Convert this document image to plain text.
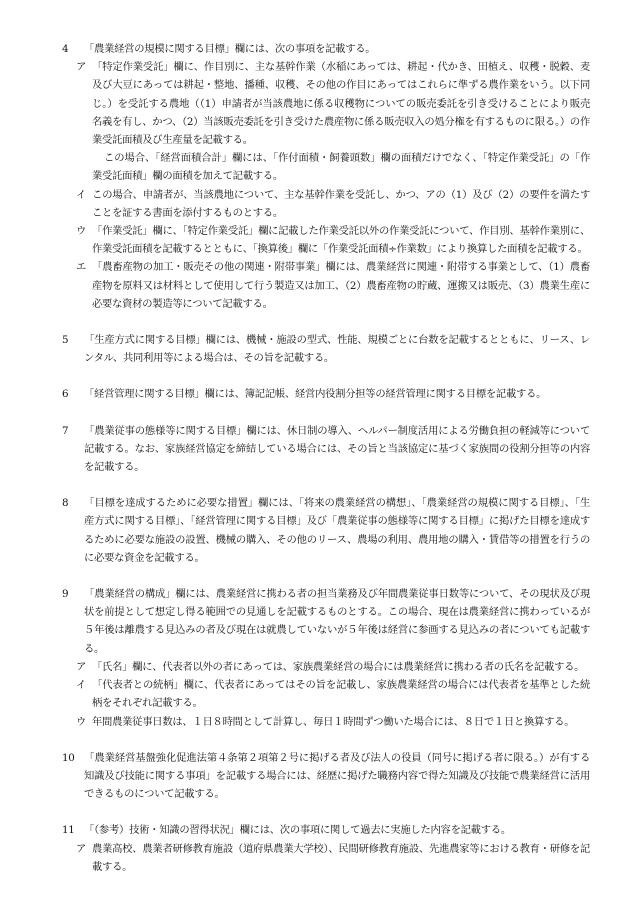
4 「農業経営の規模に関する目標」欄には、次の事項を記載する。

ア 「特定作業受託」欄に、作目別に、主な基幹作業（水稲にあっては、耕起・代かき、田植え、収穫・脱穀、麦及び大豆にあっては耕起・整地、播種、収穫、その他の作目にあってはこれらに準ずる農作業をいう。以下同じ。）を受託する農地（（1）申請者が当該農地に係る収穫物についての販売委託を引き受けることにより販売名義を有し、かつ、（2）当該販売委託を引き受けた農産物に係る販売収入の処分権を有するものに限る。）の作業受託面積及び生産量を記載する。

この場合、「経営面積合計」欄には、「作付面積・飼養頭数」欄の面積だけでなく、「特定作業受託」の「作業受託面積」欄の面積を加えて記載する。

イ この場合、申請者が、当該農地について、主な基幹作業を受託し、かつ、アの（1）及び（2）の要件を満たすことを証する書面を添付するものとする。

ウ 「作業受託」欄に、「特定作業受託」欄に記載した作業受託以外の作業受託について、作目別、基幹作業別に、作業受託面積を記載するとともに、「換算後」欄に「作業受託面積÷作業数」により換算した面積を記載する。

エ 「農畜産物の加工・販売その他の関連・附帯事業」欄には、農業経営に関連・附帯する事業として、（1）農畜産物を原料又は材料として使用して行う製造又は加工、（2）農畜産物の貯蔵、運搬又は販売、（3）農業生産に必要な資材の製造等について記載する。

5 「生産方式に関する目標」欄には、機械・施設の型式、性能、規模ごとに台数を記載するとともに、リース、レンタル、共同利用等による場合は、その旨を記載する。

6 「経営管理に関する目標」欄には、簿記記帳、経営内役割分担等の経営管理に関する目標を記載する。

7 「農業従事の態様等に関する目標」欄には、休日制の導入、ヘルパー制度活用による労働負担の軽減等について記載する。なお、家族経営協定を締結している場合には、その旨と当該協定に基づく家族間の役割分担等の内容を記載する。

8 「目標を達成するために必要な措置」欄には、「将来の農業経営の構想」、「農業経営の規模に関する目標」、「生産方式に関する目標」、「経営管理に関する目標」及び「農業従事の態様等に関する目標」に掲げた目標を達成するために必要な施設の設置、機械の購入、その他のリース、農場の利用、農用地の購入・賃借等の措置を行うのに必要な資金を記載する。

9 「農業経営の構成」欄には、農業経営に携わる者の担当業務及び年間農業従事日数等について、その現状及び現状を前提として想定し得る範囲での見通しを記載するものとする。この場合、現在は農業経営に携わっているが５年後は離農する見込みの者及び現在は就農していないが５年後は経営に参画する見込みの者についても記載する。

ア 「氏名」欄に、代表者以外の者にあっては、家族農業経営の場合には農業経営に携わる者の氏名を記載する。

イ 「代表者との続柄」欄に、代表者にあってはその旨を記載し、家族農業経営の場合には代表者を基準とした続柄をそれぞれ記載する。

ウ 年間農業従事日数は、１日８時間として計算し、毎日１時間ずつ働いた場合には、８日で１日と換算する。

10 「農業経営基盤強化促進法第４条第２項第２号に掲げる者及び法人の役員（同号に掲げる者に限る。）が有する知識及び技能に関する事項」を記載する場合には、経歴に掲げた職務内容で得た知識及び技能で農業経営に活用できるものについて記載する。

11 「（参考）技術・知識の習得状況」欄には、次の事項に関して過去に実施した内容を記載する。

ア 農業高校、農業者研修教育施設（道府県農業大学校）、民間研修教育施設、先進農家等における教育・研修を記載する。
